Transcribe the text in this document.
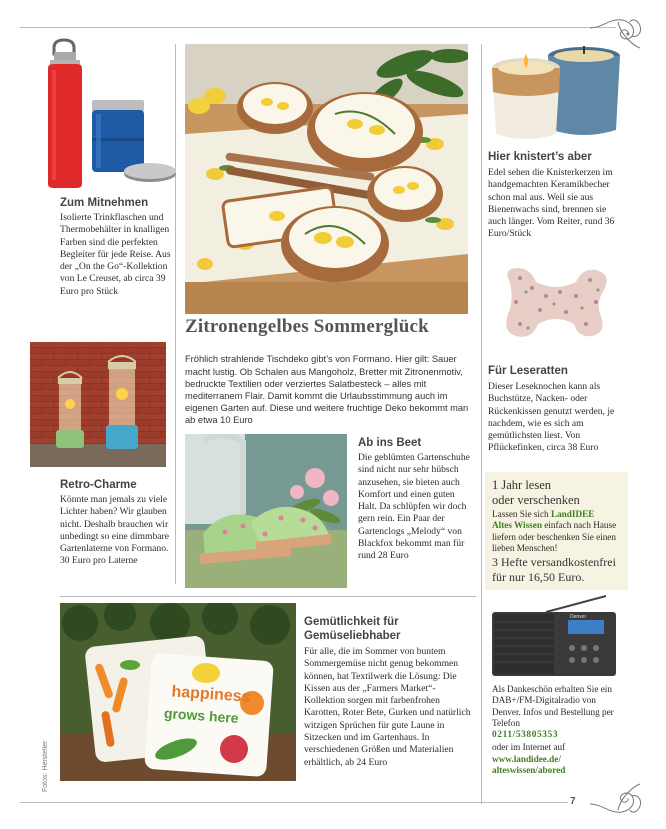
Zum Mitnehmen

Isolierte Trinkflaschen und Thermobehälter in knalligen Farben sind die perfekten Begleiter für jede Reise. Aus der „On the Go“-Kollektion von Le Creuset, ab circa 39 Euro pro Stück

Retro-Charme

Könnte man jemals zu viele Lichter haben? Wir glauben nicht. Deshalb brauchen wir unbedingt so eine dimmbare Gartenlaterne von Formano. 30 Euro pro Laterne

Zitronengelbes Sommerglück

Fröhlich strahlende Tischdeko gibt’s von Formano. Hier gilt: Sauer macht lustig. Ob Schalen aus Mangoholz, Bretter mit Zitronenmotiv, bedruckte Textilien oder verziertes Salatbesteck – alles mit mediterranem Flair. Damit kommt die Urlaubsstimmung auch im eigenen Garten auf. Diese und weitere fruchtige Deko bekommt man ab etwa 10 Euro

Ab ins Beet

Die geblümten Gartenschuhe sind nicht nur sehr hübsch anzusehen, sie bieten auch Komfort und einen guten Halt. Da schlüpfen wir doch gern rein. Ein Paar der Gartenclogs „Melody“ von Blackfox bekommt man für rund 28 Euro

happiness
grows here
Fotos: Hersteller
Gemütlichkeit für Gemüseliebhaber

Für alle, die im Sommer von buntem Sommergemüse nicht genug bekommen können, hat Textilwerk die Lösung: Die Kissen aus der „Farmers Market“-Kollektion sorgen mit farbenfrohen Karotten, Roter Bete, Gurken und natürlich witzigen Sprüchen für gute Laune in Sitzecken und im Gartenhaus. In verschiedenen Größen und Materialien erhältlich, ab 24 Euro

Hier knistert’s aber

Edel sehen die Knisterkerzen im handgemachten Keramikbecher schon mal aus. Weil sie aus Bienenwachs sind, brennen sie auch länger. Vom Reiter, rund 36 Euro/Stück

Für Leseratten

Dieser Leseknochen kann als Buchstütze, Nacken- oder Rückenkissen genutzt werden, je nachdem, wie es sich am gemütlichsten liest. Von Pflückefinken, circa 38 Euro

1 Jahr lesen
oder verschenken
Lassen Sie sich LandIDEE
Altes Wissen einfach nach Hause liefern oder beschenken Sie einen lieben Menschen!
3 Hefte versandkostenfrei
für nur 16,50 Euro.
Denver

Als Dankeschön erhalten Sie ein DAB+/FM-Digitalradio von Denver. Infos und Bestellung per Telefon

0211/53805353
oder im Internet auf
www.landidee.de/
alteswissen/abored
7
